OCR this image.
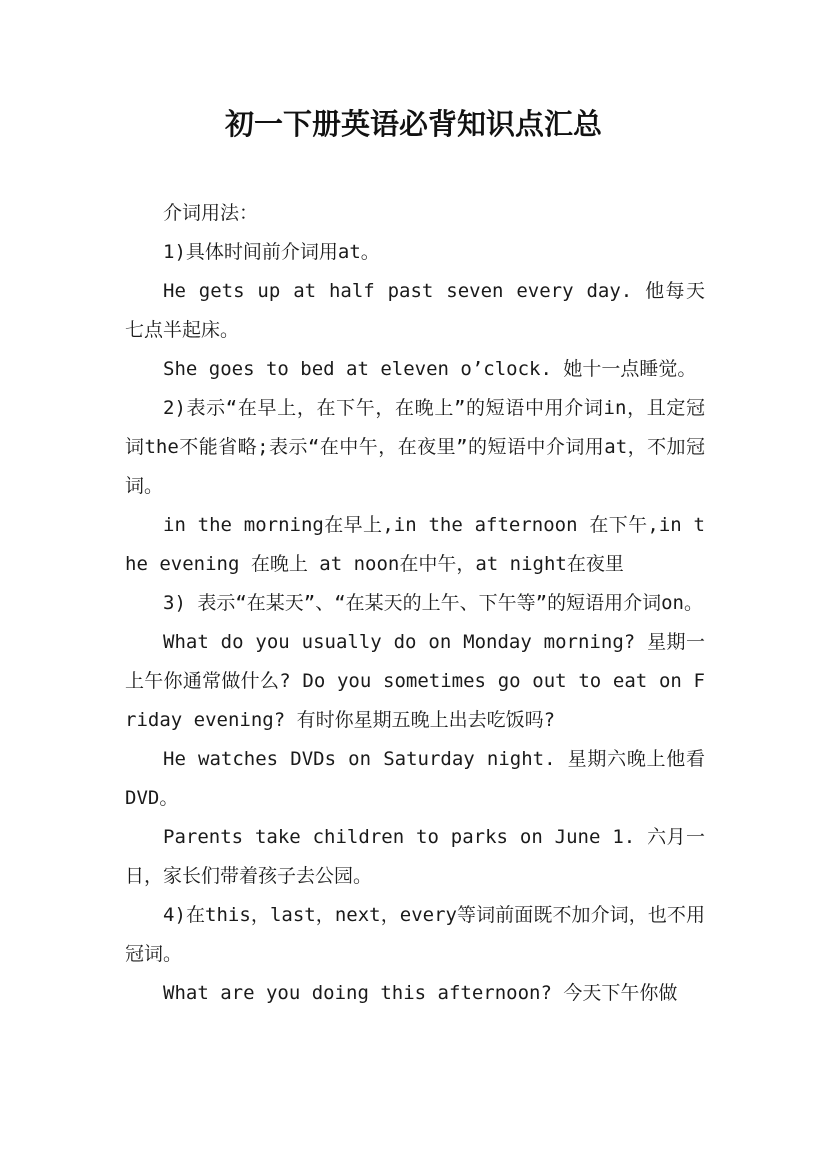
初一下册英语必背知识点汇总

介词用法：

1)具体时间前介词用at。

He gets up at half past seven every day. 他每天七点半起床。

She goes to bed at eleven o’clock. 她十一点睡觉。

2)表示“在早上，在下午，在晚上”的短语中用介词in，且定冠词the不能省略;表示“在中午，在夜里”的短语中介词用at，不加冠词。

in the morning在早上,in the afternoon 在下午,in the evening 在晚上 at noon在中午，at night在夜里

3) 表示“在某天”、“在某天的上午、下午等”的短语用介词on。

What do you usually do on Monday morning? 星期一上午你通常做什么? Do you sometimes go out to eat on Friday evening? 有时你星期五晚上出去吃饭吗?

He watches DVDs on Saturday night. 星期六晚上他看DVD。

Parents take children to parks on June 1. 六月一日，家长们带着孩子去公园。

4)在this，last，next，every等词前面既不加介词，也不用冠词。

What are you doing this afternoon? 今天下午你做
